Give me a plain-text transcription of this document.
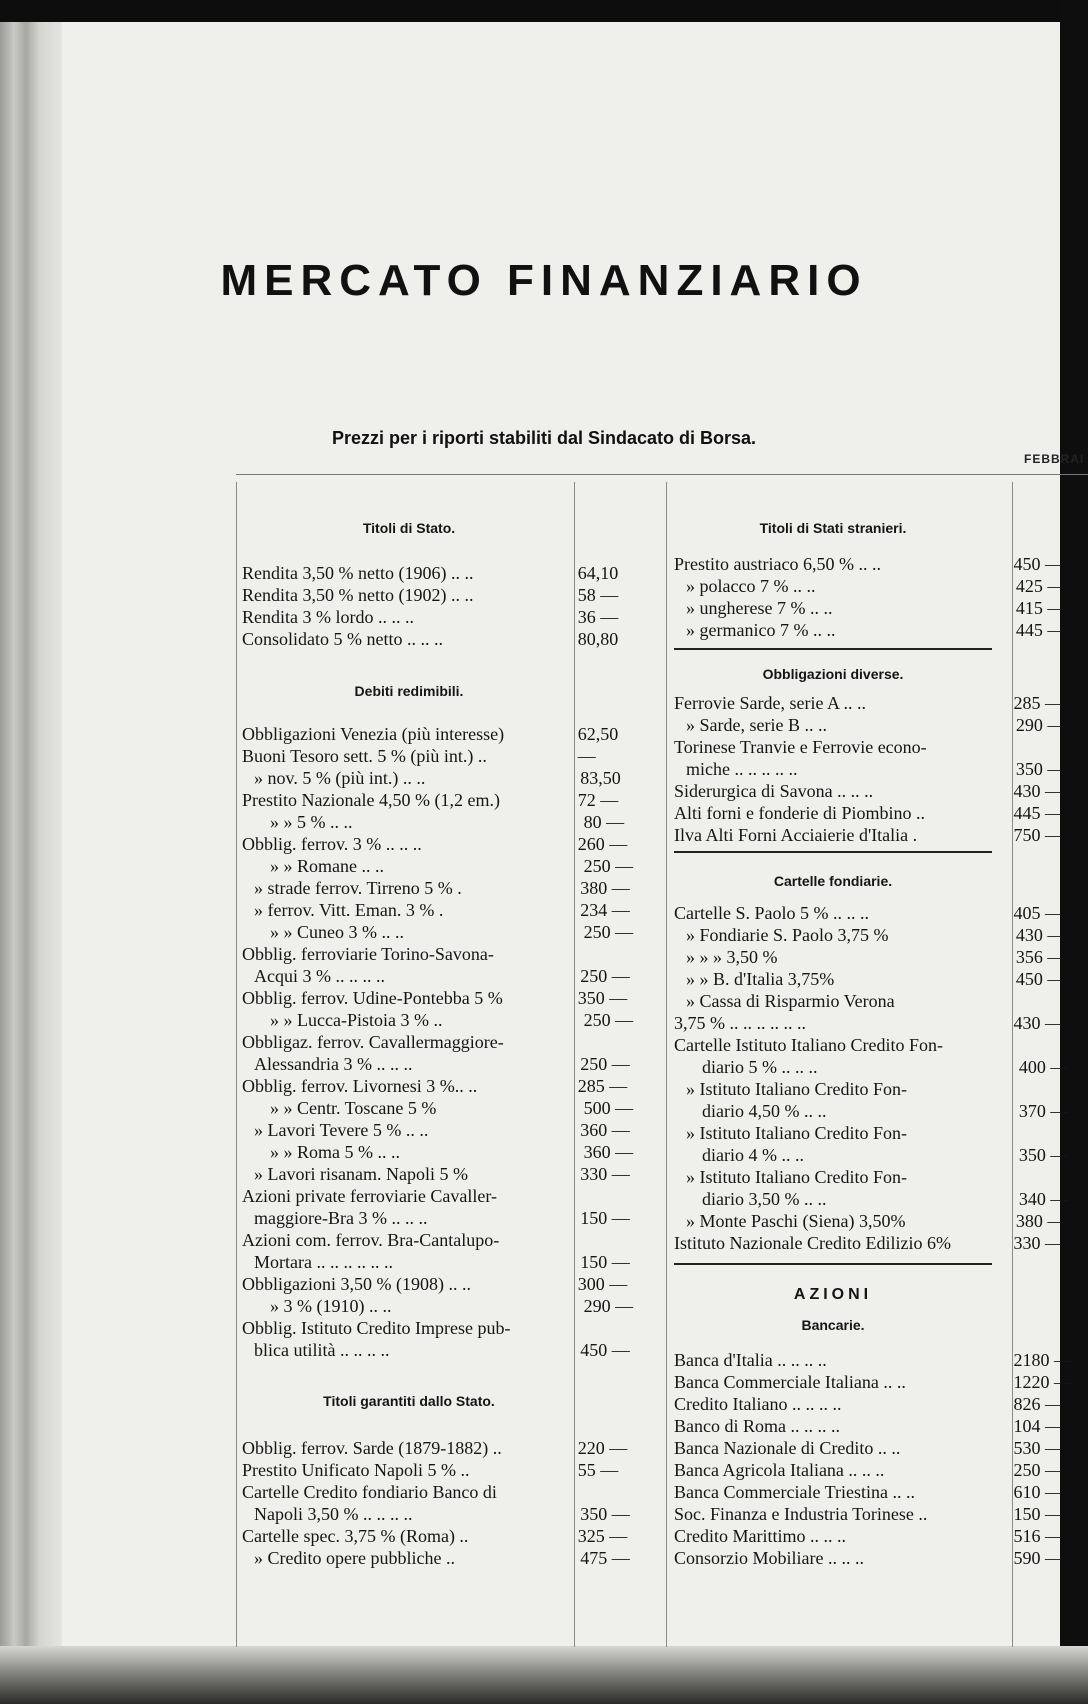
MERCATO FINANZIARIO
Prezzi per i riporti stabiliti dal Sindacato di Borsa.
FEBBRAI
Titoli di Stato.
Rendita 3,50 % netto (1906) .. ..	64,10
Rendita 3,50 % netto (1902) .. ..	58 —
Rendita 3 % lordo .. .. ..	36 —
Consolidato 5 % netto .. .. ..	80,80
Debiti redimibili.
Obbligazioni Venezia (più interesse)	62,50
Buoni Tesoro sett. 5 % (più int.) ..	—
» nov. 5 % (più int.) .. ..	83,50
Prestito Nazionale 4,50 % (1,2 em.)	72 —
» » 5 % .. ..	80 —
Obblig. ferrov. 3 % .. .. ..	260 —
» » Romane .. ..	250 —
» strade ferrov. Tirreno 5 % .	380 —
» ferrov. Vitt. Eman. 3 % .	234 —
» » Cuneo 3 % .. ..	250 —
Obblig. ferroviarie Torino-Savona-
Acqui 3 % .. .. .. ..	250 —
Obblig. ferrov. Udine-Pontebba 5 %	350 —
» » Lucca-Pistoia 3 % ..	250 —
Obbligaz. ferrov. Cavallermaggiore-
Alessandria 3 % .. .. ..	250 —
Obblig. ferrov. Livornesi 3 %.. ..	285 —
» » Centr. Toscane 5 %	500 —
» Lavori Tevere 5 % .. ..	360 —
» » Roma 5 % .. ..	360 —
» Lavori risanam. Napoli 5 %	330 —
Azioni private ferroviarie Cavaller-
maggiore-Bra 3 % .. .. ..	150 —
Azioni com. ferrov. Bra-Cantalupo-
Mortara .. .. .. .. .. ..	150 —
Obbligazioni 3,50 % (1908) .. ..	300 —
» 3 % (1910) .. ..	290 —
Obblig. Istituto Credito Imprese pub-
blica utilità .. .. .. ..	450 —
Titoli garantiti dallo Stato.
Obblig. ferrov. Sarde (1879-1882) ..	220 —
Prestito Unificato Napoli 5 % ..	55 —
Cartelle Credito fondiario Banco di
Napoli 3,50 % .. .. .. ..	350 —
Cartelle spec. 3,75 % (Roma) ..	325 —
» Credito opere pubbliche ..	475 —
Titoli di Stati stranieri.
Prestito austriaco 6,50 % .. ..	450 —
» polacco 7 % .. ..	425 —
» ungherese 7 % .. ..	415 —
» germanico 7 % .. ..	445 —
Obbligazioni diverse.
Ferrovie Sarde, serie A .. ..	285 —
» Sarde, serie B .. ..	290 —
Torinese Tranvie e Ferrovie econo-
miche .. .. .. .. ..	350 —
Siderurgica di Savona .. .. ..	430 —
Alti forni e fonderie di Piombino ..	445 —
Ilva Alti Forni Acciaierie d'Italia .	750 —
Cartelle fondiarie.
Cartelle S. Paolo 5 % .. .. ..	405 —
» Fondiarie S. Paolo 3,75 %	430 —
» » » 3,50 %	356 —
» » B. d'Italia 3,75%	450 —
» Cassa di Risparmio Verona
3,75 % .. .. .. .. .. ..	430 —
Cartelle Istituto Italiano Credito Fon-
diario 5 % .. .. ..	400 —
» Istituto Italiano Credito Fon-
diario 4,50 % .. ..	370 —
» Istituto Italiano Credito Fon-
diario 4 % .. ..	350 —
» Istituto Italiano Credito Fon-
diario 3,50 % .. ..	340 —
» Monte Paschi (Siena) 3,50%	380 —
Istituto Nazionale Credito Edilizio 6%	330 —
AZIONI
Bancarie.
Banca d'Italia .. .. .. ..	2180 —
Banca Commerciale Italiana .. ..	1220 —
Credito Italiano .. .. .. ..	826 —
Banco di Roma .. .. .. ..	104 —
Banca Nazionale di Credito .. ..	530 —
Banca Agricola Italiana .. .. ..	250 —
Banca Commerciale Triestina .. ..	610 —
Soc. Finanza e Industria Torinese ..	150 —
Credito Marittimo .. .. ..	516 —
Consorzio Mobiliare .. .. ..	590 —
